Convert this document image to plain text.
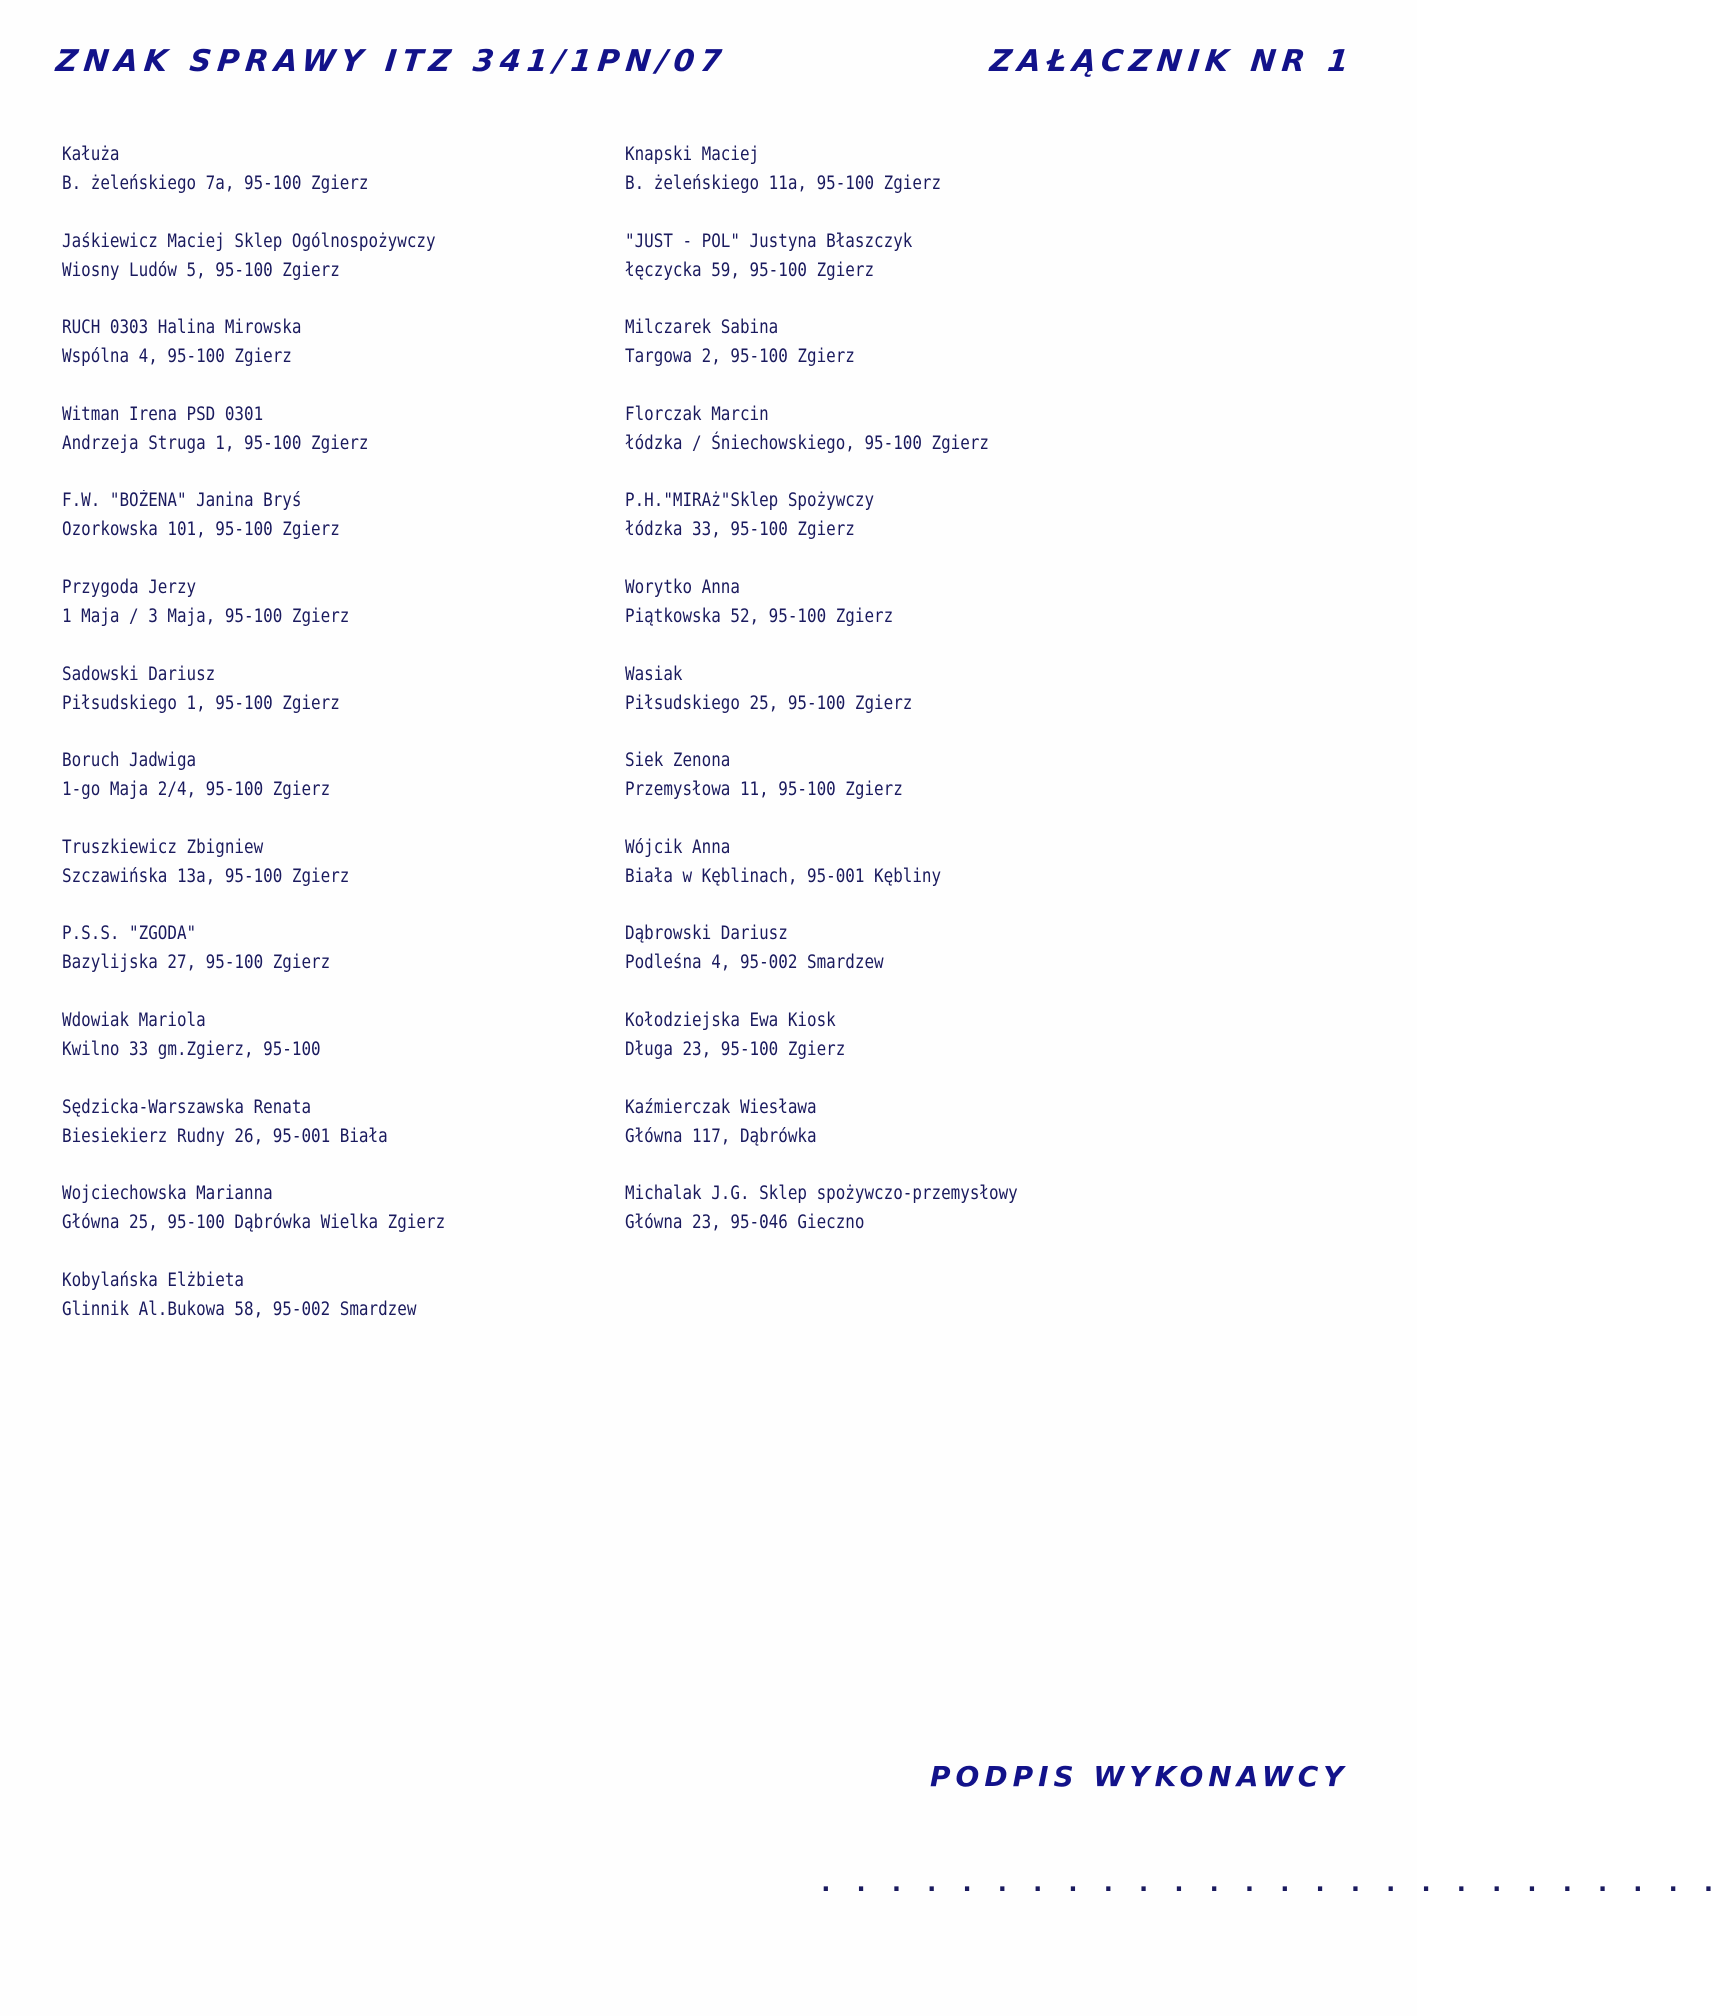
ZNAK SPRAWY ITZ 341/1PN/07	ZAŁĄCZNIK NR 1
Kałuża
B. żeleńskiego 7a, 95-100 Zgierz
Jaśkiewicz Maciej Sklep Ogólnospożywczy
Wiosny Ludów 5, 95-100 Zgierz
RUCH 0303 Halina Mirowska
Wspólna 4, 95-100 Zgierz
Witman Irena PSD 0301
Andrzeja Struga 1, 95-100 Zgierz
F.W. "BOŻENA" Janina Bryś
Ozorkowska 101, 95-100 Zgierz
Przygoda Jerzy
1 Maja / 3 Maja, 95-100 Zgierz
Sadowski Dariusz
Piłsudskiego 1, 95-100 Zgierz
Boruch Jadwiga
1-go Maja 2/4, 95-100 Zgierz
Truszkiewicz Zbigniew
Szczawińska 13a, 95-100 Zgierz
P.S.S. "ZGODA"
Bazylijska 27, 95-100 Zgierz
Wdowiak Mariola
Kwilno 33 gm.Zgierz, 95-100
Sędzicka-Warszawska Renata
Biesiekierz Rudny 26, 95-001 Biała
Wojciechowska Marianna
Główna 25, 95-100 Dąbrówka Wielka Zgierz
Kobylańska Elżbieta
Glinnik Al.Bukowa 58, 95-002 Smardzew
Knapski Maciej
B. żeleńskiego 11a, 95-100 Zgierz
"JUST - POL" Justyna Błaszczyk
łęczycka 59, 95-100 Zgierz
Milczarek Sabina
Targowa 2, 95-100 Zgierz
Florczak Marcin
łódzka / Śniechowskiego, 95-100 Zgierz
P.H."MIRAż"Sklep Spożywczy
łódzka 33, 95-100 Zgierz
Worytko Anna
Piątkowska 52, 95-100 Zgierz
Wasiak
Piłsudskiego 25, 95-100 Zgierz
Siek Zenona
Przemysłowa 11, 95-100 Zgierz
Wójcik Anna
Biała w Kęblinach, 95-001 Kębliny
Dąbrowski Dariusz
Podleśna 4, 95-002 Smardzew
Kołodziejska Ewa Kiosk
Długa 23, 95-100 Zgierz
Kaźmierczak Wiesława
Główna 117, Dąbrówka
Michalak J.G. Sklep spożywczo-przemysłowy
Główna 23, 95-046 Gieczno
PODPIS WYKONAWCY
. . . . . . . . . . . . . . . . . . . . . . . . . .
